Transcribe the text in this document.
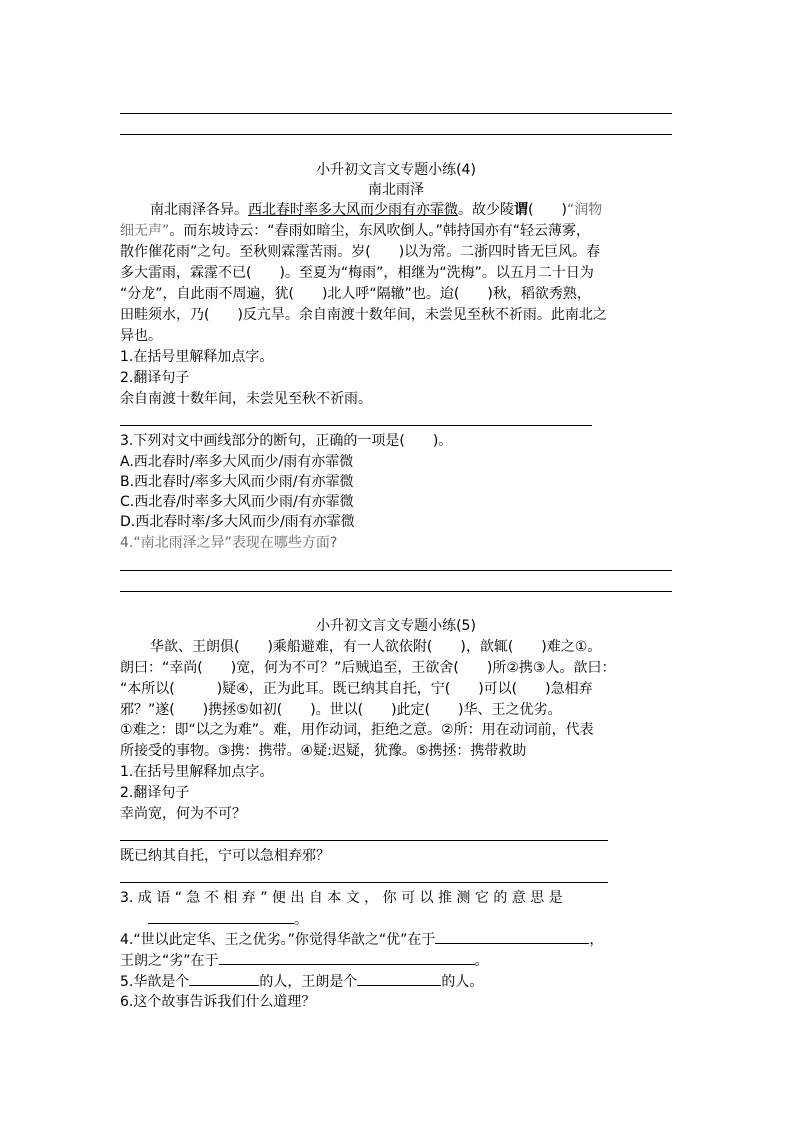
小升初文言文专题小练(4)
南北雨泽
南北雨泽各异。西北春时率多大风而少雨有亦霏微。故少陵谓(　　)“润物
细无声”。而东坡诗云：“春雨如暗尘，东风吹倒人。”韩持国亦有“轻云薄雾，
散作催花雨”之句。至秋则霖霪苦雨。岁(　　)以为常。二浙四时皆无巨风。春
多大雷雨，霖霪不已(　　)。至夏为“梅雨”，相继为“洗梅”。以五月二十日为
“分龙”，自此雨不周遍，犹(　　)北人呼“隔辙”也。迨(　　)秋，稻欲秀熟，
田畦须水，乃(　　)反亢旱。余自南渡十数年间，未尝见至秋不祈雨。此南北之
异也。
1.在括号里解释加点字。
2.翻译句子
余自南渡十数年间，未尝见至秋不祈雨。
3.下列对文中画线部分的断句，正确的一项是(　　)。
A.西北春时/率多大风而少/雨有亦霏微
B.西北春时/率多大风而少雨/有亦霏微
C.西北春/时率多大风而少雨/有亦霏微
D.西北春时率/多大风而少/雨有亦霏微
4.“南北雨泽之异”表现在哪些方面?
小升初文言文专题小练(5)
华歆、王朗俱(　　)乘船避难，有一人欲依附(　　)，歆辄(　　)难之①。
朗曰：“幸尚(　　)宽，何为不可？”后贼追至，王欲舍(　　)所②携③人。歆曰：
“本所以(　　　)疑④，正为此耳。既已纳其自托，宁(　　)可以(　　)急相弃
邪？”遂(　　)携拯⑤如初(　　)。世以(　　)此定(　　)华、王之优劣。
①难之：即“以之为难”。难，用作动词，拒绝之意。②所：用在动词前，代表
所接受的事物。③携：携带。④疑:迟疑，犹豫。⑤携拯：携带救助
1.在括号里解释加点字。
2.翻译句子
幸尚宽，何为不可？
既已纳其自托，宁可以急相弃邪？
3. 成 语 “ 急 不 相 弃 ” 便 出 自 本 文 ， 你 可 以 推 测 它 的 意 思 是
。
4.“世以此定华、王之优劣。”你觉得华歆之“优”在于	，
王朗之“劣”在于	。
5.华歆是个	的人，王朗是个	的人。
6.这个故事告诉我们什么道理？
